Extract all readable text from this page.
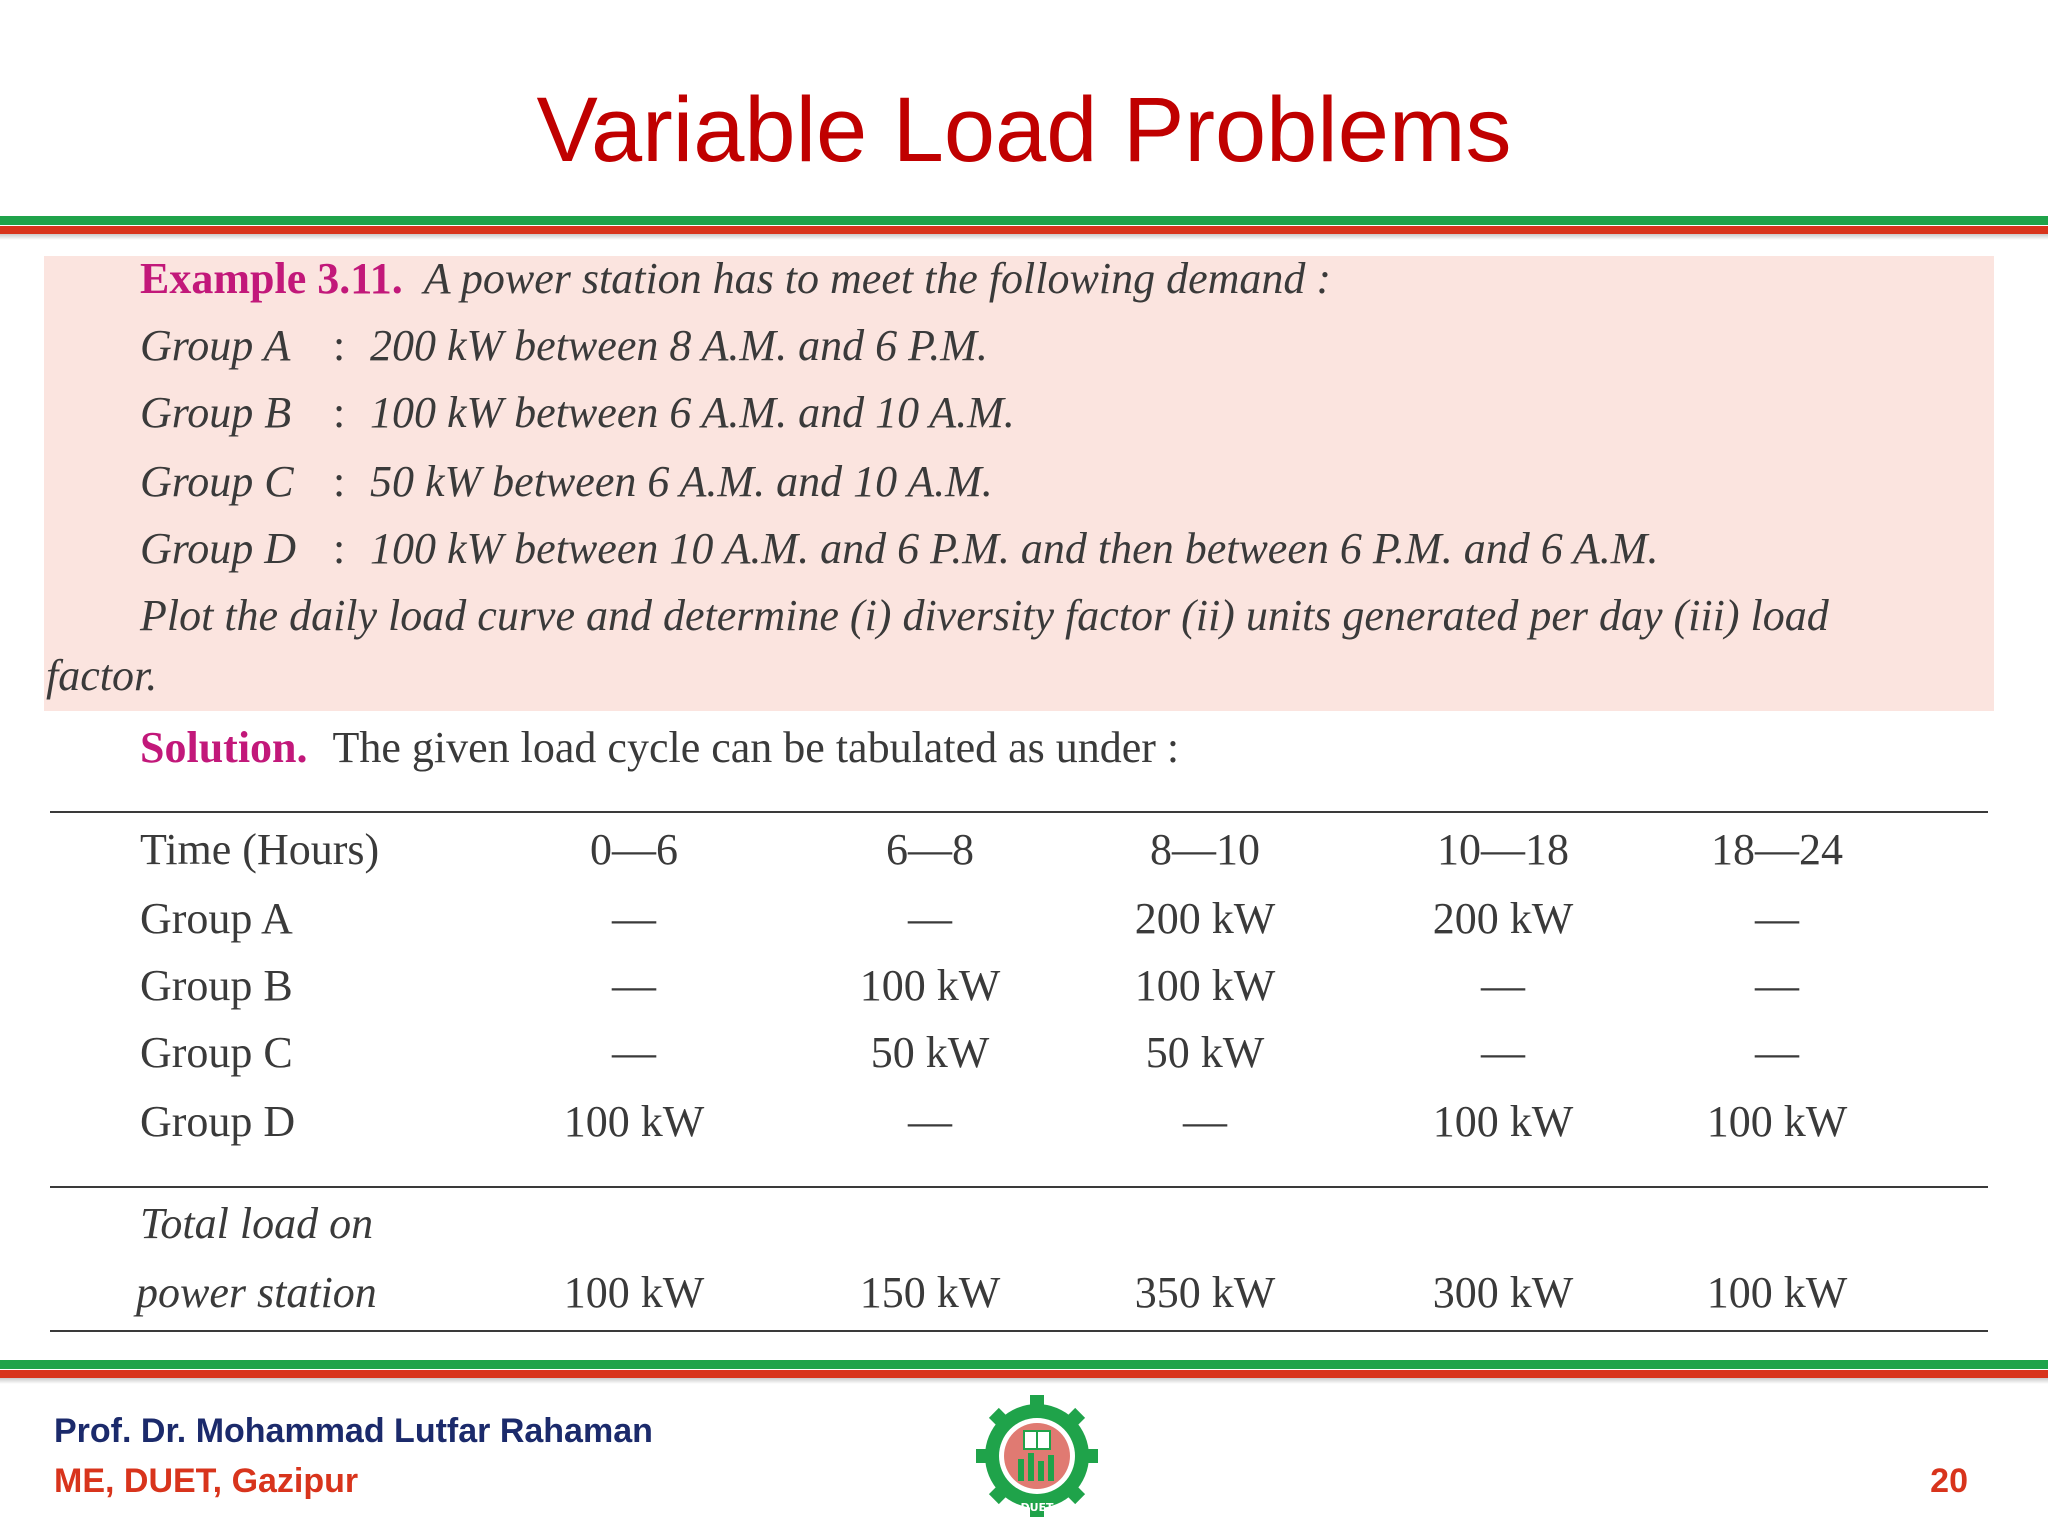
Variable Load Problems
Example 3.11. A power station has to meet the following demand :
Group A : 200 kW between 8 A.M. and 6 P.M.
Group B : 100 kW between 6 A.M. and 10 A.M.
Group C : 50 kW between 6 A.M. and 10 A.M.
Group D : 100 kW between 10 A.M. and 6 P.M. and then between 6 P.M. and 6 A.M.
Plot the daily load curve and determine (i) diversity factor (ii) units generated per day (iii) load
factor.
Solution. The given load cycle can be tabulated as under :
Time (Hours)	0—6	6—8	8—10	10—18	18—24
Group A	—	—	200 kW	200 kW	—
Group B	—	100 kW	100 kW	—	—
Group C	—	50 kW	50 kW	—	—
Group D	100 kW	—	—	100 kW	100 kW
Total load on
power station	100 kW	150 kW	350 kW	300 kW	100 kW
Prof. Dr. Mohammad Lutfar Rahaman
ME, DUET, Gazipur	20
DUET
